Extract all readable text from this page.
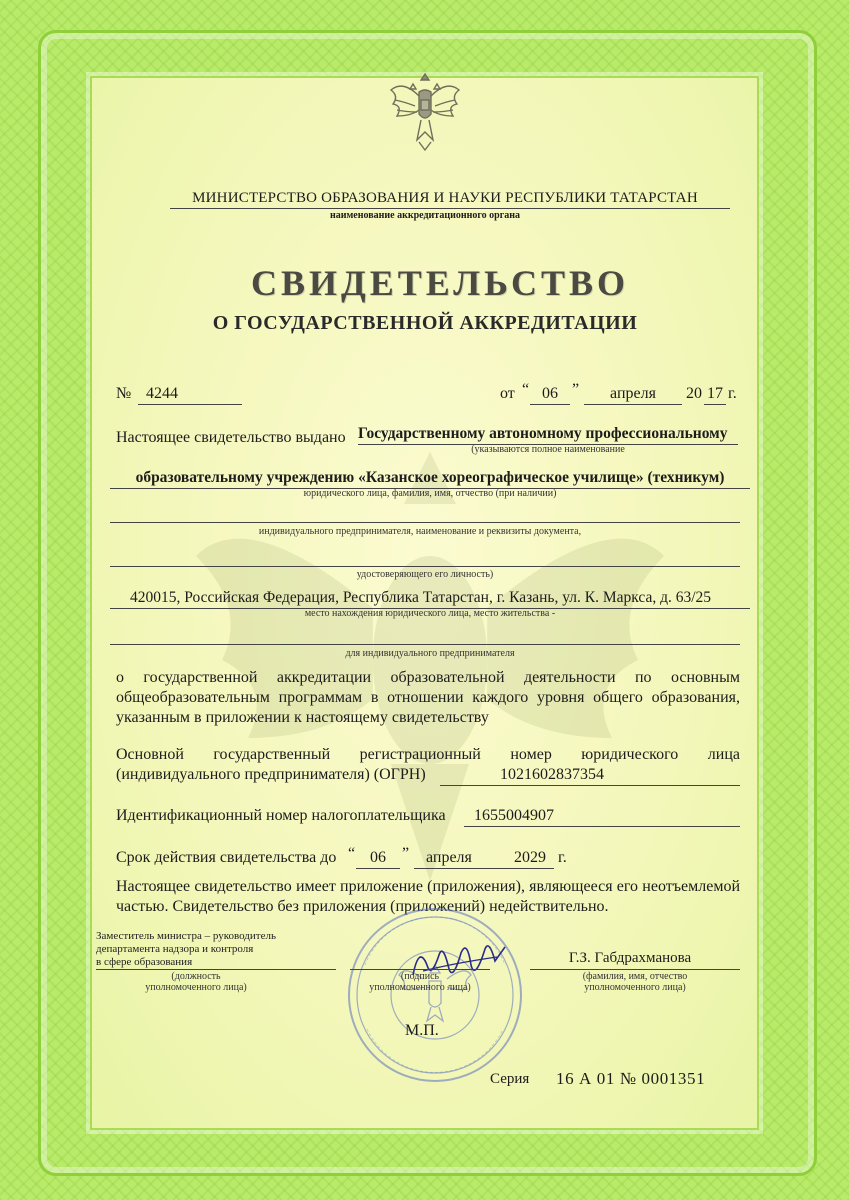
МИНИСТЕРСТВО ОБРАЗОВАНИЯ И НАУКИ РЕСПУБЛИКИ ТАТАРСТАН
наименование аккредитационного органа
СВИДЕТЕЛЬСТВО
О ГОСУДАРСТВЕННОЙ АККРЕДИТАЦИИ
№ 4244	от “ 06 ”	апреля	20 17 г.
Настоящее свидетельство выдано Государственному автономному профессиональному
(указываются полное наименование
образовательному учреждению «Казанское хореографическое училище» (техникум)
юридического лица, фамилия, имя, отчество (при наличии)
индивидуального предпринимателя, наименование и реквизиты документа,
удостоверяющего его личность)
420015, Российская Федерация, Республика Татарстан, г. Казань, ул. К. Маркса, д. 63/25
место нахождения юридического лица, место жительства -
для индивидуального предпринимателя
о государственной аккредитации образовательной деятельности по основным общеобразовательным программам в отношении каждого уровня общего образования, указанным в приложении к настоящему свидетельству
Основной государственный регистрационный номер юридического лица
(индивидуального предпринимателя) (ОГРН)	1021602837354
Идентификационный номер налогоплательщика	1655004907
Срок действия свидетельства до “ 06	”	апреля	2029 г.
Настоящее свидетельство имеет приложение (приложения), являющееся его неотъемлемой частью. Свидетельство без приложения (приложений) недействительно.
Заместитель министра – руководитель
департамента надзора и контроля
в сфере образования
(должность
уполномоченного лица)
(подпись
уполномоченного лица)
Г.З. Габдрахманова
(фамилия, имя, отчество
уполномоченного лица)
М.П.
Серия 16 А 01 № 0001351
